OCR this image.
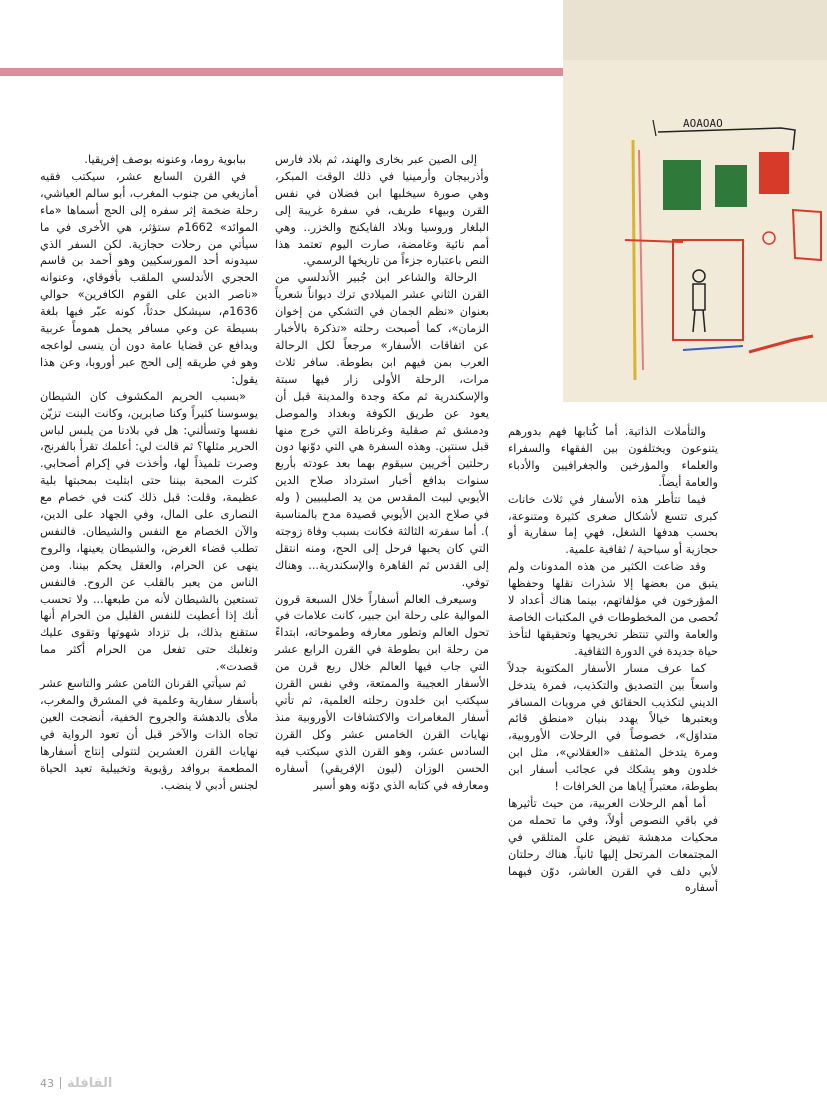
AOAOAO

والتأملات الذاتية. أما كُتابها فهم بدورهم يتنوعون ويختلفون بين الفقهاء والسفراء والعلماء والمؤرخين والجغرافيين والأدباء والعامة أيضاً.

فيما تتأطر هذه الأسفار في ثلاث خانات كبرى تتسع لأشكال صغرى كثيرة ومتنوعة، بحسب هدفها الشغل، فهي إما سفارية أو حجازية أو سياحية / ثقافية علمية.

وقد ضاعت الكثير من هذه المدونات ولم يتبق من بعضها إلا شذرات نقلها وحفظها المؤرخون في مؤلفاتهم، بينما هناك أعداد لا تُحصى من المخطوطات في المكتبات الخاصة والعامة والتي تنتظر تخريجها وتحقيقها لتأخذ حياة جديدة في الدورة الثقافية.

كما عرف مسار الأسفار المكتوبة جدلاً واسعاً بين التصديق والتكذيب، فمرة يتدخل الديني لتكذيب الحقائق في مرويات المسافر ويعتبرها خيالاً يهدد بنيان «منطق قائم متداوَل»، خصوصاً في الرحلات الأوروبية، ومرة يتدخل المثقف «العقلاني»، مثل ابن خلدون وهو يشكك في عجائب أسفار ابن بطوطة، معتبراً إياها من الخرافات !

أما أهم الرحلات العربية، من حيث تأثيرها في باقي النصوص أولاً، وفي ما تحمله من محكيات مدهشة تفيض على المتلقي في المجتمعات المرتحل إليها ثانياً. هناك رحلتان لأبي دلف في القرن العاشر، دوّن فيهما أسفاره

إلى الصين عبر بخارى والهند، ثم بلاد فارس وأذربيجان وأرمينيا في ذلك الوقت المبكر، وهي صورة سيخلبها ابن فضلان في نفس القرن وبيهاء طريف، في سفرة غريبة إلى البلغار وروسيا وبلاد الفايكنج والخزر.. وهي أمم نائية وغامضة، صارت اليوم تعتمد هذا النص باعتباره جزءاً من تاريخها الرسمي.

الرحالة والشاعر ابن جُبير الأندلسي من القرن الثاني عشر الميلادي ترك ديواناً شعرياً بعنوان «نظم الجمان في التشكي من إخوان الزمان»، كما أصبحت رحلته «تذكرة بالأخبار عن اتفاقات الأسفار» مرجعاً لكل الرحالة العرب بمن فيهم ابن بطوطة. سافر ثلاث مرات، الرحلة الأولى زار فيها سبتة والإسكندرية ثم مكة وجدة والمدينة قبل أن يعود عن طريق الكوفة وبغداد والموصل ودمشق ثم صقلية وغرناطة التي خرج منها قبل سنتين. وهذه السفرة هي التي دوّنها دون رحلتين أخريين سيقوم بهما بعد عودته بأربع سنوات بدافع أخبار استرداد صلاح الدين الأيوبي لبيت المقدس من يد الصليبيين ( وله في صلاح الدين الأيوبي قصيدة مدح بالمناسبة ). أما سفرته الثالثة فكانت بسبب وفاة زوجته التي كان يحبها فرحل إلى الحج، ومنه انتقل إلى القدس ثم القاهرة والإسكندرية... وهناك توفي.

وسيعرف العالم أسفاراً خلال السبعة قرون الموالية على رحلة ابن جبير، كانت علامات في تحول العالم وتطور معارفه وطموحاته، ابتداءً من رحلة ابن بطوطة في القرن الرابع عشر التي جاب فيها العالم خلال ربع قرن من الأسفار العجيبة والممتعة، وفي نفس القرن سيكتب ابن خلدون رحلته العلمية، ثم تأتي أسفار المغامرات والاكتشافات الأوروبية منذ نهايات القرن الخامس عشر وكل القرن السادس عشر، وهو القرن الذي سيكتب فيه الحسن الوزان (ليون الإفريقي) أسفاره ومعارفه في كتابه الذي دوّنه وهو أسير

ببابوية روما، وعنونه بوصف إفريقيا.

في القرن السابع عشر، سيكتب فقيه أمازيغي من جنوب المغرب، أبو سالم العياشي، رحلة ضخمة إثر سفره إلى الحج أسماها «ماء الموائد» 1662م ستؤثر، هي الأخرى في ما سيأتي من رحلات حجازية. لكن السفر الذي سيدونه أحد المورسكيين وهو أحمد بن قاسم الحجري الأندلسي الملقب بأفوقاي، وعنوانه «ناصر الدين على القوم الكافرين» حوالي 1636م، سيشكل حدثاً، كونه عبّر فيها بلغة بسيطة عن وعي مسافر يحمل هموماً عربية ويدافع عن قضايا عامة دون أن ينسى لواعجه وهو في طريقه إلى الحج عبر أوروبا، وعن هذا يقول:

«بسبب الحريم المكشوف كان الشيطان يوسوسنا كثيراً وكنا صابرين، وكانت البنت تزيّن نفسها وتسألني: هل في بلادنا من يلبس لباس الحرير مثلها؟ ثم قالت لي: أعلمك تقرأ بالفرنج، وصرت تلميذاً لها، وأخذت في إكرام أصحابي. كثرت المحبة بيننا حتى ابتليت بمحبتها بلية عظيمة، وقلت: قبل ذلك كنت في خصام مع النصارى على المال، وفي الجهاد على الدين، والآن الخصام مع النفس والشيطان. فالنفس تطلب قضاء الغرض، والشيطان يعينها، والروح ينهى عن الحرام، والعقل يحكم بيننا. ومن الناس من يعبر بالقلب عن الروح. فالنفس تستعين بالشيطان لأنه من طبعها... ولا تحسب أنك إذا أعطيت للنفس القليل من الحرام أنها ستقنع بذلك، بل تزداد شهوتها وتقوى عليك وتغلبك حتى تفعل من الحرام أكثر مما قصدت».

ثم سيأتي القرنان الثامن عشر والتاسع عشر بأسفار سفارية وعلمية في المشرق والمغرب، ملأى بالدهشة والجروح الخفية، أنضجت العين تجاه الذات والآخر قبل أن تعود الرواية في نهايات القرن العشرين لتتولى إنتاج أسفارها المطعمة بروافد رؤيوية وتخييلية تعيد الحياة لجنس أدبي لا ينضب.

43 القافلة
